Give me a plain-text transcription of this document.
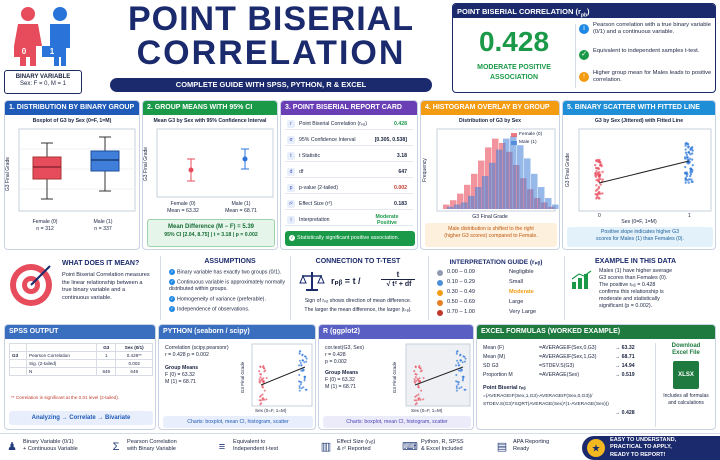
0	1
BINARY VARIABLE
Sex: F = 0, M = 1
POINT BISERIAL
CORRELATION
COMPLETE GUIDE WITH SPSS, PYTHON, R & EXCEL
POINT BISERIAL CORRELATION $(r_{pb})$
0.428
MODERATE POSITIVE
ASSOCIATION
i	Pearson correlation with a true binary variable (0/1) and a continuous variable.
✓	Equivalent to independent samples t-test.
↑	Higher group mean for Males leads to positive correlation.
1. DISTRIBUTION BY BINARY GROUP
Boxplot of G3 by Sex (0=F, 1=M)
G3 Final Grade
Female (0)
n = 312
Male (1)
n = 337
2. GROUP MEANS WITH 95% CI
Mean G3 by Sex with 95% Confidence Interval
G3 Final Grade
Female (0)
Mean = 63.32
Male (1)
Mean = 68.71
Mean Difference (M − F) = 5.39
95% CI [2.04, 8.75] | t = 3.18 | p = 0.002
3. POINT BISERIAL REPORT CARD
r	Point Biserial Correlation (rₚᵦ)	0.428
σ	95% Confidence Interval	[0.305, 0.538]
t	t Statistic	3.18
d	df	647
p	p-value (2-tailed)	0.002
r²	Effect Size (r²)	0.183
i	Interpretation	Moderate Positive
✓ Statistically significant positive association.
4. HISTOGRAM OVERLAY BY GROUP
Distribution of G3 by Sex
Frequency
Female (0)
Male (1)
G3 Final Grade
Male distribution is shifted to the right
(higher G3 scores) compared to Female.
5. BINARY SCATTER WITH FITTED LINE
G3 by Sex (Jittered) with Fitted Line
G3 Final Grade
0	1
Sex (0=F, 1=M)
Positive slope indicates higher G3
scores for Males (1) than Females (0).
WHAT DOES IT MEAN?
Point Biserial Correlation measures
the linear relationship between a
true binary variable and a
continuous variable.
ASSUMPTIONS
✓ Binary variable has exactly two groups (0/1).
✓ Continuous variable is approximately normally distributed within groups.
✓ Homogeneity of variance (preferable).
✓ Independence of observations.
CONNECTION TO T-TEST
rₚᵦ = t /
t
√ t² + df
Sign of rₚᵦ shows direction of mean difference.
The larger the mean difference, the larger |rₚᵦ|.
INTERPRETATION GUIDE (rₚᵦ)
0.00 – 0.09	Negligible
0.10 – 0.29	Small
0.30 – 0.49	Moderate
0.50 – 0.69	Large
0.70 – 1.00	Very Large
EXAMPLE IN THIS DATA
Males (1) have higher average
G3 scores than Females (0).
The positive rₚᵦ = 0.428
confirms this relationship is
moderate and statistically
significant (p = 0.002).
SPSS OUTPUT
		G3	Sex (0/1)
G3	Pearson Correlation	1	0.428**
	Sig. (2-tailed)		0.002
	N	649	649
** Correlation is significant at the 0.01 level (2-tailed).
Analyzing → Correlate → Bivariate
PYTHON (seaborn / scipy)
Correlation (scipy.pearsonr)
r = 0.428 p = 0.002
Group Means
F (0) = 63.32
M (1) = 68.71	G3 Final Grade
Sex (0=F, 1=M)
Charts: boxplot, mean CI, histogram, scatter
R (ggplot2)
cor.test(G3, Sex)
r = 0.428
p = 0.002
Group Means
F (0) = 63.32
M (1) = 68.71	G3 Final Grade
Sex (0=F, 1=M)
Charts: boxplot, mean CI, histogram, scatter
EXCEL FORMULAS (WORKED EXAMPLE)
Mean (F)	=AVERAGEIF(Sex,0,G3)	→ 63.32
Mean (M)	=AVERAGEIF(Sex,1,G3)	→ 68.71
SD G3	=STDEV.S(G3)	→ 14.94
Proportion M	=AVERAGE(Sex)	→ 0.519
Point Biserial rₚᵦ
=(AVERAGEIF(Sex,1,G3)-AVERAGEIF(Sex,0,G3))/
STDEV.S(G3)*SQRT(AVERAGE(Sex)*(1-AVERAGE(Sex)))
→ 0.428
Download Excel File
XLSX
Includes all formulas and calculations
♟	Binary Variable (0/1)
+ Continuous Variable	Σ	Pearson Correlation
with Binary Variable	≡	Equivalent to
Independent t-test	▥	Effect Size (rₚᵦ)
& r² Reported	⌨ Python, R, SPSS
& Excel Included	▤	APA Reporting
Ready	★
EASY TO UNDERSTAND,
PRACTICAL TO APPLY,
READY TO REPORT!
